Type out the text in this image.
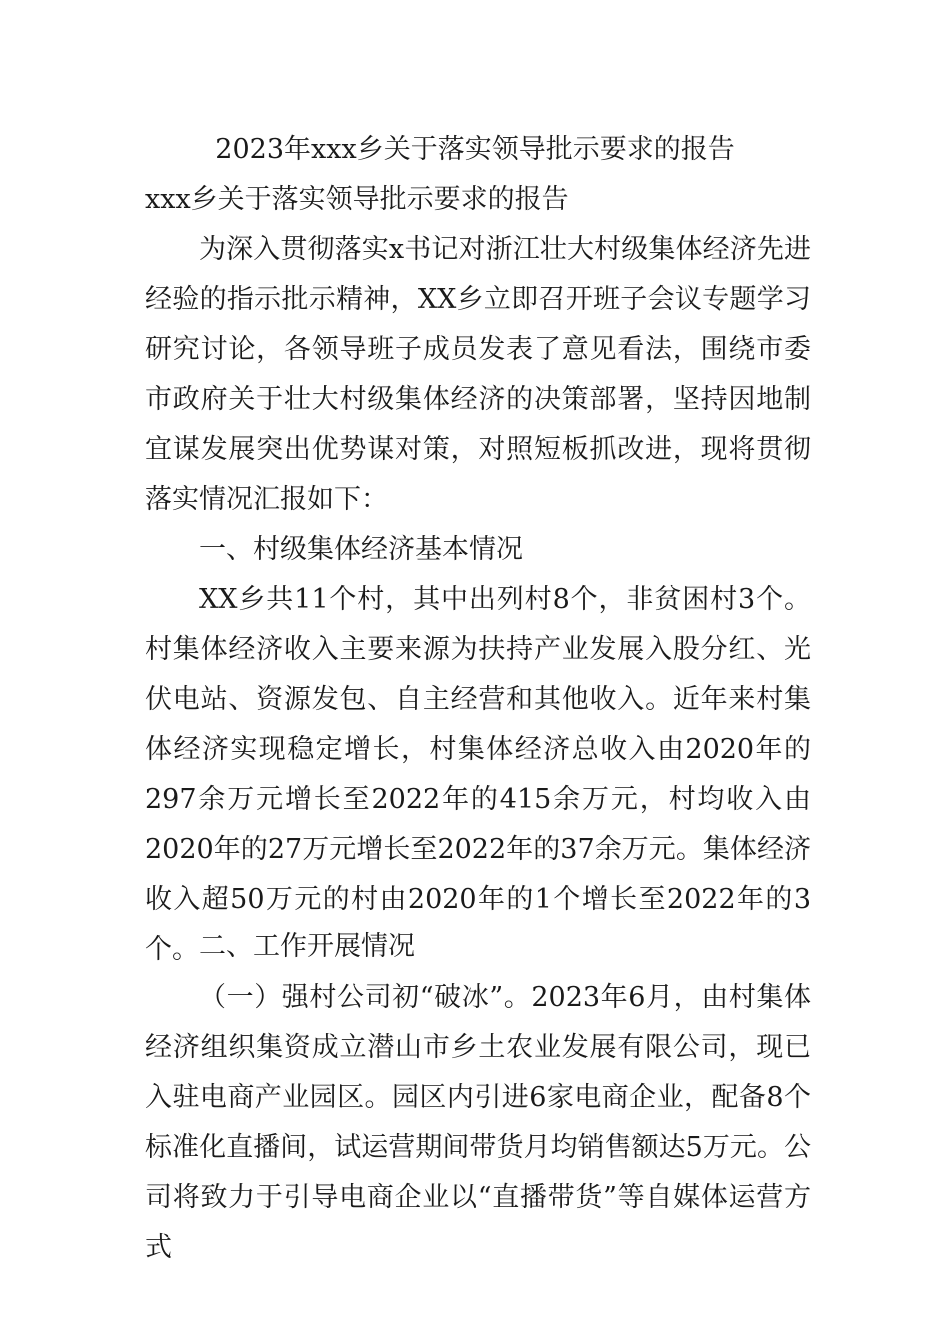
2023年xxx乡关于落实领导批示要求的报告
xxx乡关于落实领导批示要求的报告

为深入贯彻落实x书记对浙江壮大村级集体经济先进经验的指示批示精神，XX乡立即召开班子会议专题学习研究讨论，各领导班子成员发表了意见看法，围绕市委市政府关于壮大村级集体经济的决策部署，坚持因地制宜谋发展突出优势谋对策，对照短板抓改进，现将贯彻落实情况汇报如下：

一、村级集体经济基本情况

XX乡共11个村，其中出列村8个，非贫困村3个。村集体经济收入主要来源为扶持产业发展入股分红、光伏电站、资源发包、自主经营和其他收入。近年来村集体经济实现稳定增长，村集体经济总收入由2020年的297余万元增长至2022年的415余万元，村均收入由2020年的27万元增长至2022年的37余万元。集体经济收入超50万元的村由2020年的1个增长至2022年的3个。 二、工作开展情况

（一）强村公司初“破冰”。2023年6月，由村集体经济组织集资成立潜山市乡土农业发展有限公司，现已入驻电商产业园区。园区内引进6家电商企业，配备8个标准化直播间，试运营期间带货月均销售额达5万元。公司将致力于引导电商企业以“直播带货”等自媒体运营方式
